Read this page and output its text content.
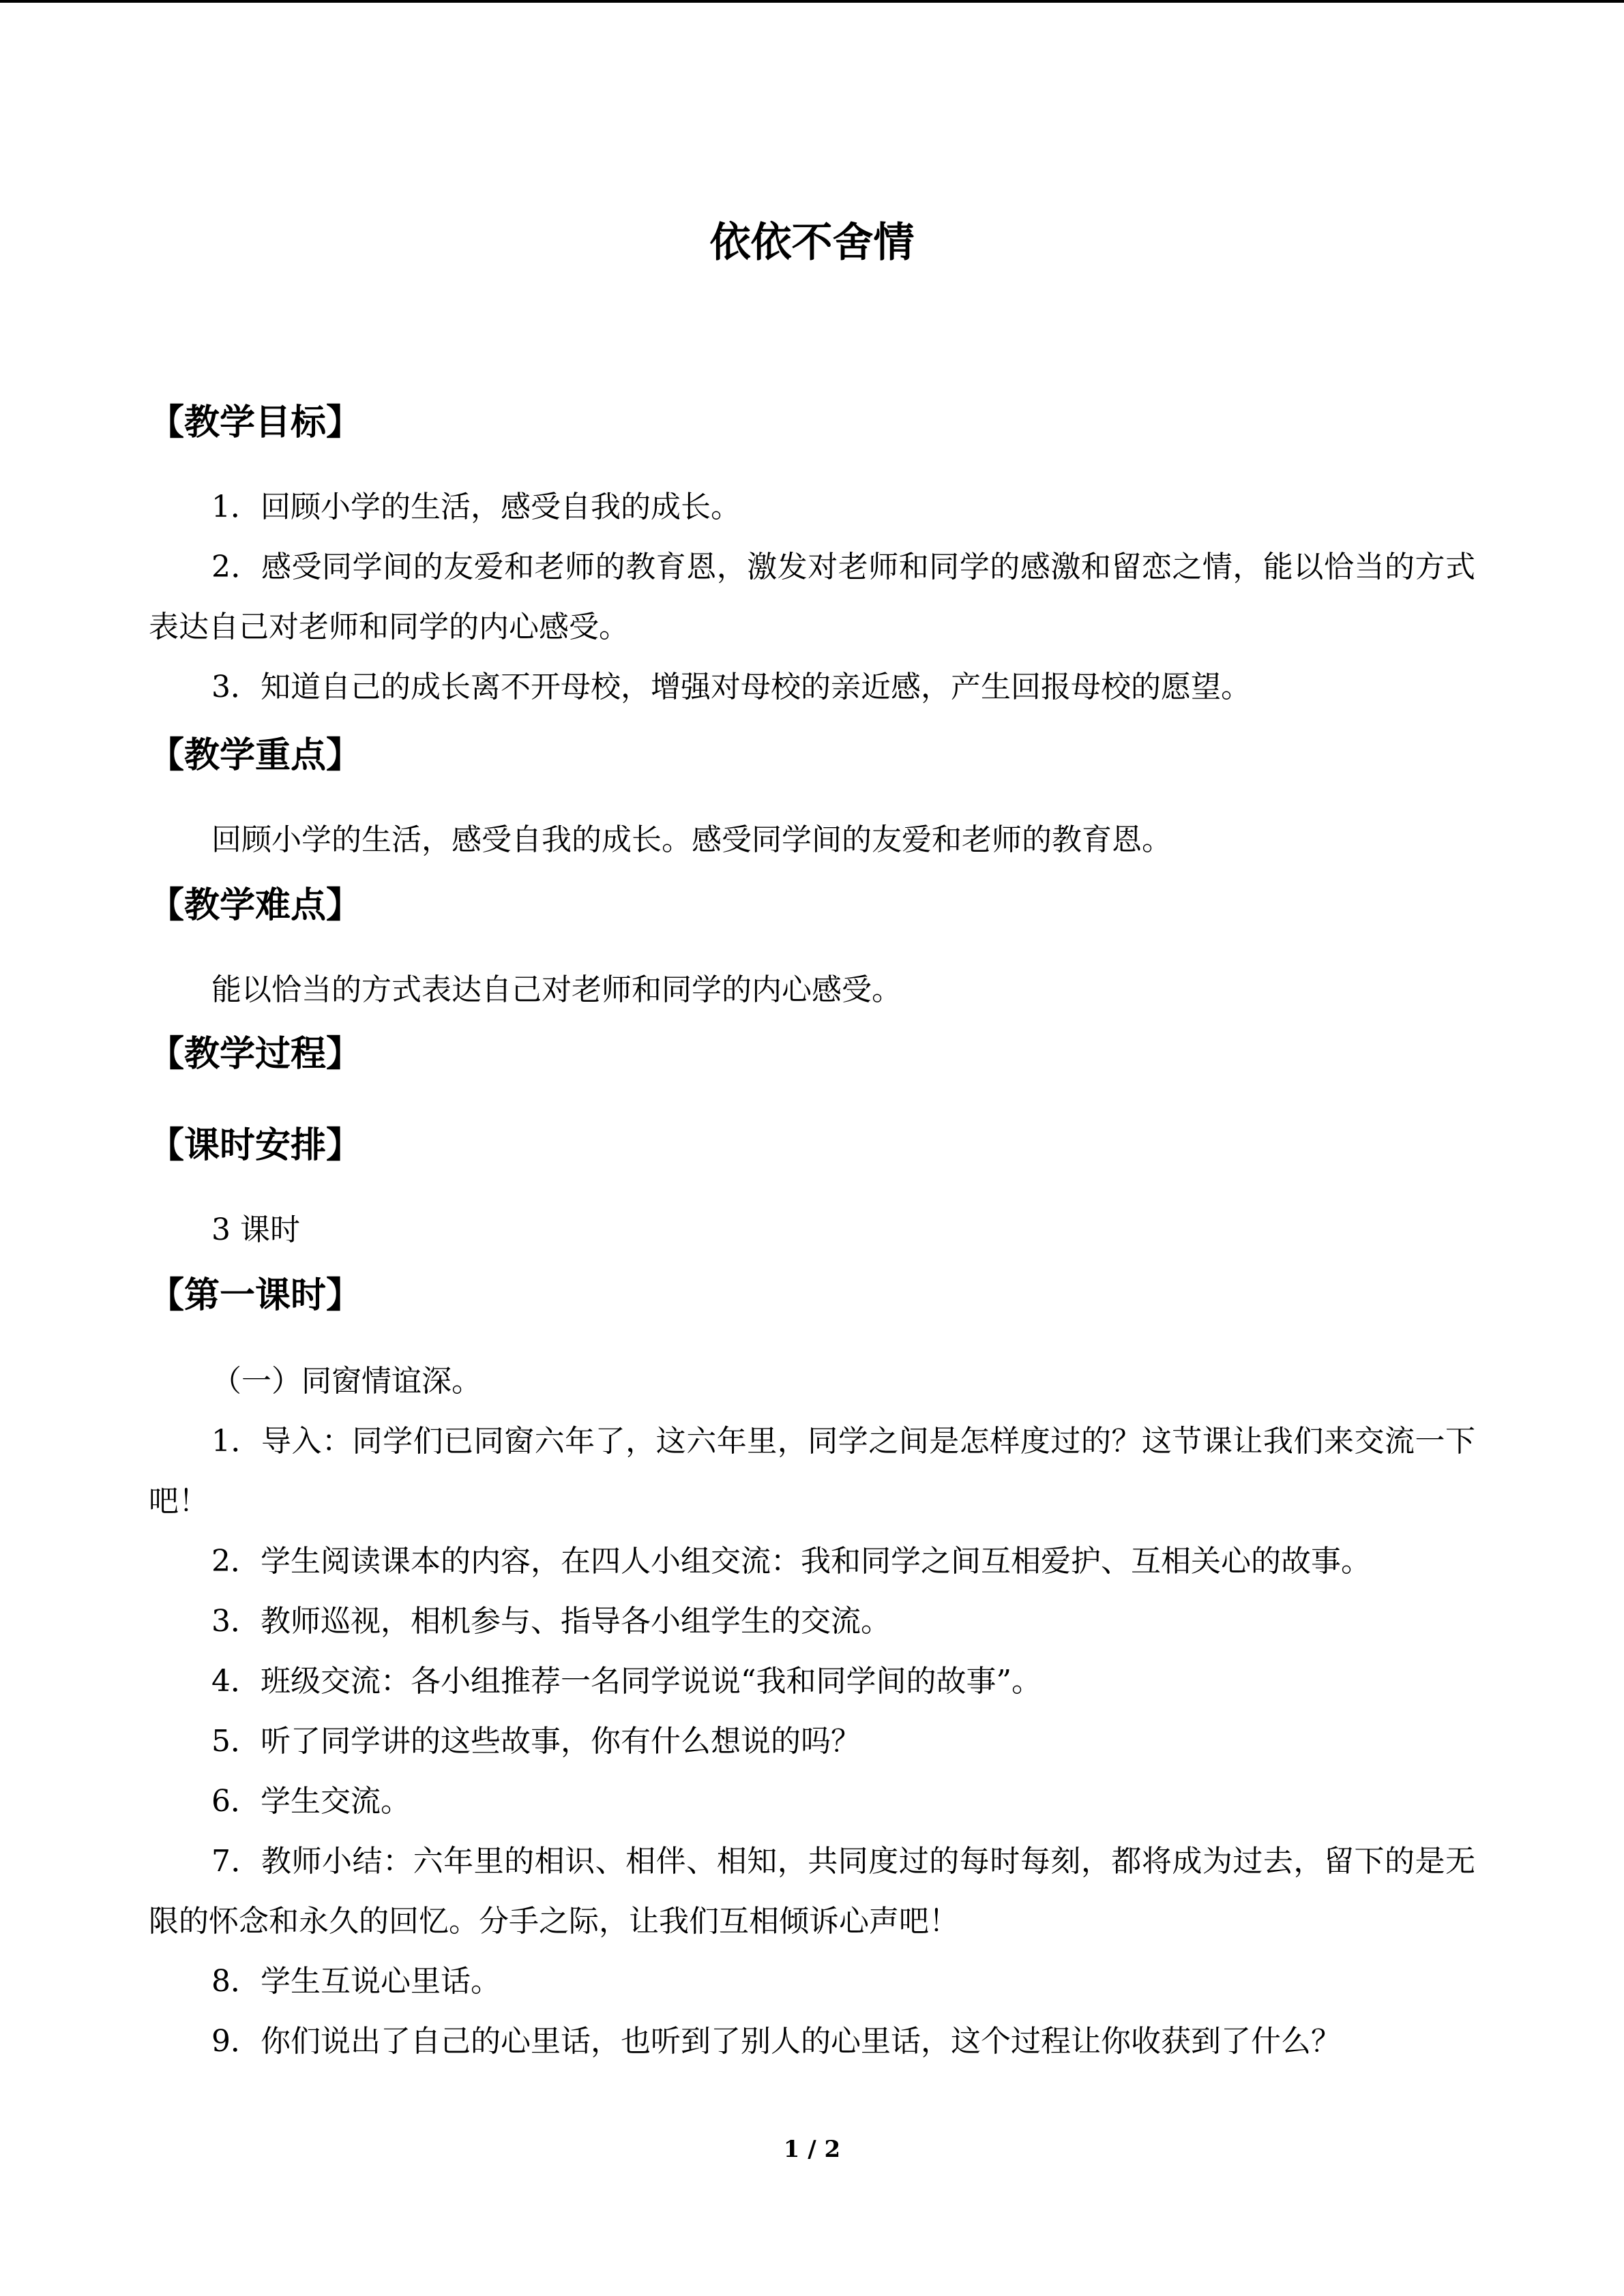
依依不舍情
【教学目标】

1．回顾小学的生活，感受自我的成长。

2．感受同学间的友爱和老师的教育恩，激发对老师和同学的感激和留恋之情，能以恰当的方式表达自己对老师和同学的内心感受。

3．知道自己的成长离不开母校，增强对母校的亲近感，产生回报母校的愿望。

【教学重点】

回顾小学的生活，感受自我的成长。感受同学间的友爱和老师的教育恩。

【教学难点】

能以恰当的方式表达自己对老师和同学的内心感受。

【教学过程】
【课时安排】

3 课时

【第一课时】

（一）同窗情谊深。

1．导入：同学们已同窗六年了，这六年里，同学之间是怎样度过的？这节课让我们来交流一下吧！

2．学生阅读课本的内容，在四人小组交流：我和同学之间互相爱护、互相关心的故事。

3．教师巡视，相机参与、指导各小组学生的交流。

4．班级交流：各小组推荐一名同学说说“我和同学间的故事”。

5．听了同学讲的这些故事，你有什么想说的吗？

6．学生交流。

7．教师小结：六年里的相识、相伴、相知，共同度过的每时每刻，都将成为过去，留下的是无限的怀念和永久的回忆。分手之际，让我们互相倾诉心声吧！

8．学生互说心里话。

9．你们说出了自己的心里话，也听到了别人的心里话，这个过程让你收获到了什么？

1 / 2
